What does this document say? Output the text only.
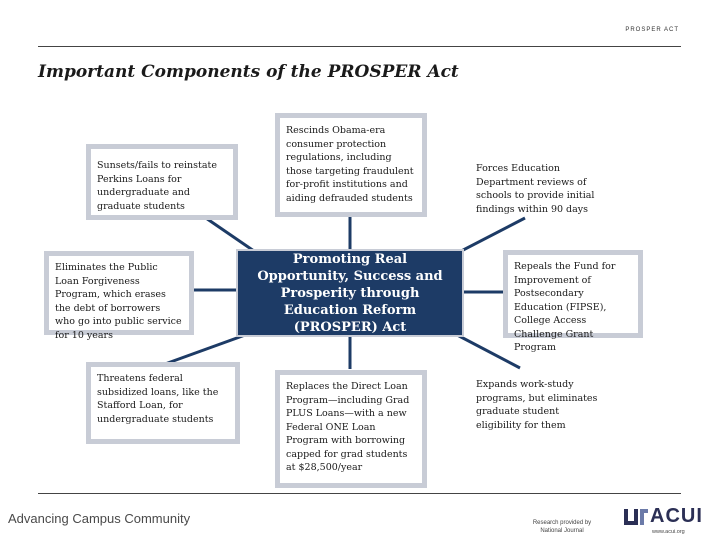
PROSPER ACT
Important Components of the PROSPER Act
Sunsets/fails to reinstate Perkins Loans for undergraduate and graduate students
Rescinds Obama-era consumer protection regulations, including those targeting fraudulent for-profit institutions and aiding defrauded students
Forces Education Department reviews of schools to provide initial findings within 90 days
Eliminates the Public Loan Forgiveness Program, which erases the debt of borrowers who go into public service for 10 years
Repeals the Fund for Improvement of Postsecondary Education (FIPSE), College Access Challenge Grant Program
Threatens federal subsidized loans, like the Stafford Loan, for undergraduate students
Replaces the Direct Loan Program—including Grad PLUS Loans—with a new Federal ONE Loan Program with borrowing capped for grad students at $28,500/year
Expands work-study programs, but eliminates graduate student eligibility for them
Promoting Real Opportunity, Success and Prosperity through Education Reform (PROSPER) Act
Advancing Campus Community	Research provided by
National Journal
ACUI
www.acui.org
